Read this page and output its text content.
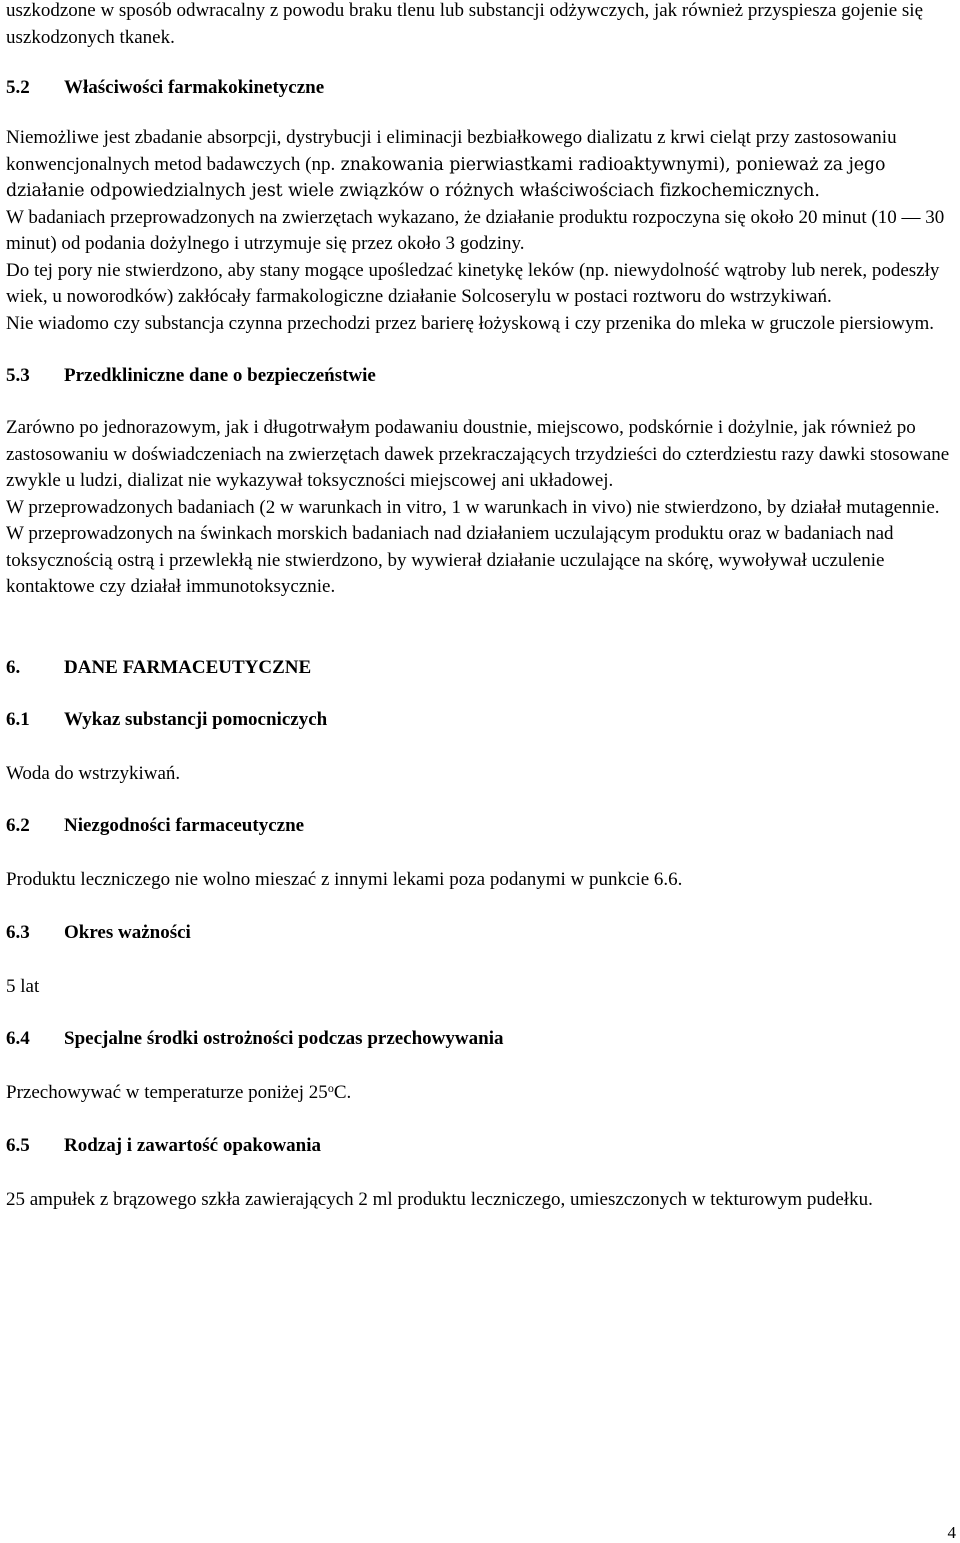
uszkodzone w sposób odwracalny z powodu braku tlenu lub substancji odżywczych, jak również przyspiesza gojenie się uszkodzonych tkanek.

5.2	Właściwości farmakokinetyczne

Niemożliwe jest zbadanie absorpcji, dystrybucji i eliminacji bezbiałkowego dializatu z krwi cieląt przy zastosowaniu konwencjonalnych metod badawczych (np. znakowania pierwiastkami radioaktywnymi), ponieważ za jego działanie odpowiedzialnych jest wiele związków o różnych właściwościach fizkochemicznych.

W badaniach przeprowadzonych na zwierzętach wykazano, że działanie produktu rozpoczyna się około 20 minut (10 ― 30 minut) od podania dożylnego i utrzymuje się przez około 3 godziny.

Do tej pory nie stwierdzono, aby stany mogące upośledzać kinetykę leków (np. niewydolność wątroby lub nerek, podeszły wiek, u noworodków) zakłócały farmakologiczne działanie Solcoserylu w postaci roztworu do wstrzykiwań.

Nie wiadomo czy substancja czynna przechodzi przez barierę łożyskową i czy przenika do mleka w gruczole piersiowym.

5.3	Przedkliniczne dane o bezpieczeństwie

Zarówno po jednorazowym, jak i długotrwałym podawaniu doustnie, miejscowo, podskórnie i dożylnie, jak również po zastosowaniu w doświadczeniach na zwierzętach dawek przekraczających trzydzieści do czterdziestu razy dawki stosowane zwykle u ludzi, dializat nie wykazywał toksyczności miejscowej ani układowej.

W przeprowadzonych badaniach (2 w warunkach in vitro, 1 w warunkach in vivo) nie stwierdzono, by działał mutagennie.

W przeprowadzonych na świnkach morskich badaniach nad działaniem uczulającym produktu oraz w badaniach nad toksycznością ostrą i przewlekłą nie stwierdzono, by wywierał działanie uczulające na skórę, wywoływał uczulenie kontaktowe czy działał immunotoksycznie.

6.	DANE FARMACEUTYCZNE
6.1	Wykaz substancji pomocniczych

Woda do wstrzykiwań.

6.2	Niezgodności farmaceutyczne

Produktu leczniczego nie wolno mieszać z innymi lekami poza podanymi w punkcie 6.6.

6.3	Okres ważności

5 lat

6.4	Specjalne środki ostrożności podczas przechowywania

Przechowywać w temperaturze poniżej 25$^o$C.

6.5	Rodzaj i zawartość opakowania

25 ampułek z brązowego szkła zawierających 2 ml produktu leczniczego, umieszczonych w tekturowym pudełku.

4
